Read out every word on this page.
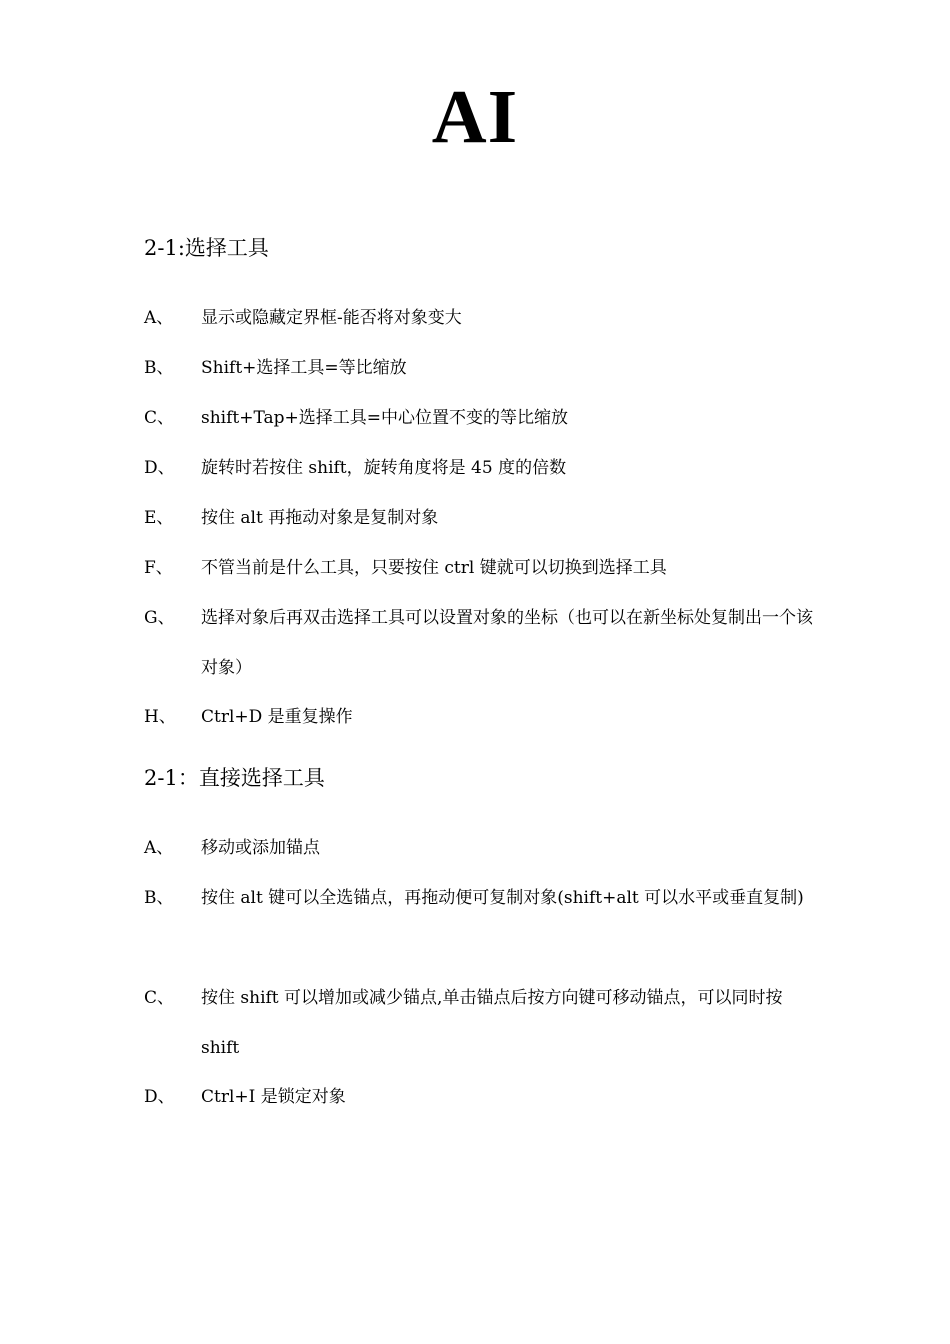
AI
2-1:选择工具
A、	显示或隐藏定界框-能否将对象变大
B、	Shift+选择工具=等比缩放
C、	shift+Tap+选择工具=中心位置不变的等比缩放
D、	旋转时若按住 shift，旋转角度将是 45 度的倍数
E、	按住 alt 再拖动对象是复制对象
F、	不管当前是什么工具，只要按住 ctrl 键就可以切换到选择工具
G、	选择对象后再双击选择工具可以设置对象的坐标（也可以在新坐标处复制出一个该对象）
H、	Ctrl+D 是重复操作
2-1：直接选择工具
A、	移动或添加锚点
B、	按住 alt 键可以全选锚点，再拖动便可复制对象(shift+alt 可以水平或垂直复制)
C、	按住 shift 可以增加或减少锚点,单击锚点后按方向键可移动锚点，可以同时按 shift
D、	Ctrl+I 是锁定对象
